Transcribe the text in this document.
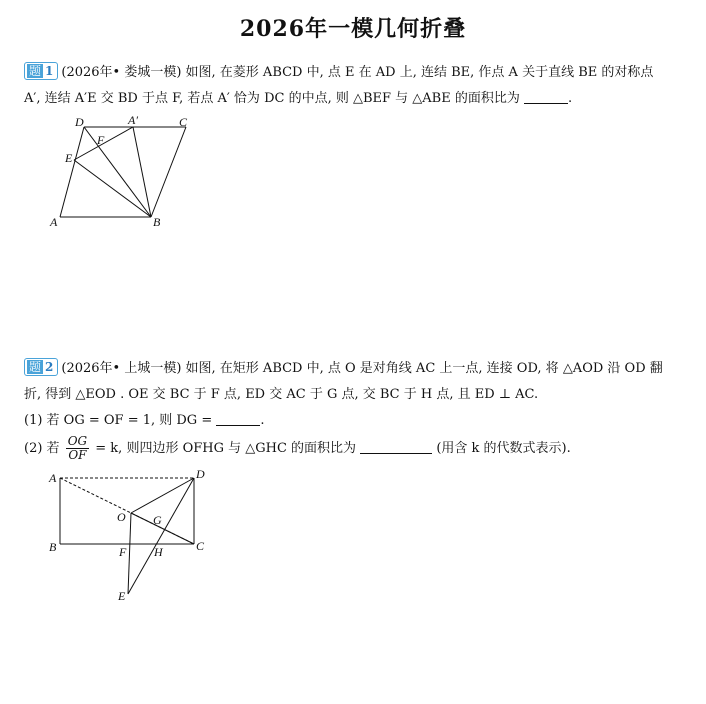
2026年一模几何折叠
题 1 (2026年• 娄城一模) 如图, 在菱形 ABCD 中, 点 E 在 AD 上, 连结 BE, 作点 A 关于直线 BE 的对称点
A′, 连结 A′E 交 BD 于点 F, 若点 A′ 恰为 DC 的中点, 则 △BEF 与 △ABE 的面积比为	.
D	A′	C
F
E
A	B
题 2 (2026年• 上城一模) 如图, 在矩形 ABCD 中, 点 O 是对角线 AC 上一点, 连接 OD, 将 △AOD 沿 OD 翻
折, 得到 △EOD . OE 交 BC 于 F 点, ED 交 AC 于 G 点, 交 BC 于 H 点, 且 ED ⊥ AC.
(1) 若 OG = OF = 1, 则 DG =	.
(2) 若 $\frac{OG}{OF} = k$, 则四边形 OFHG 与 △GHC 的面积比为	(用含 k 的代数式表示).
A	D
O G
B	F H	C
E
